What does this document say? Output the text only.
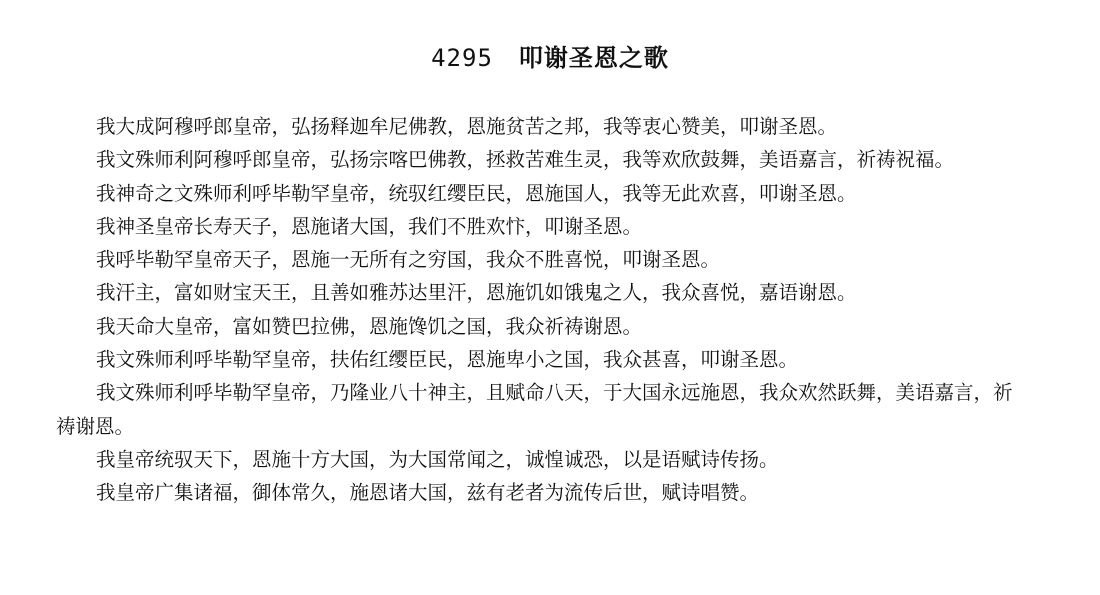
4295 叩谢圣恩之歌

我大成阿穆呼郎皇帝，弘扬释迦牟尼佛教，恩施贫苦之邦，我等衷心赞美，叩谢圣恩。

我文殊师利阿穆呼郎皇帝，弘扬宗喀巴佛教，拯救苦难生灵，我等欢欣鼓舞，美语嘉言，祈祷祝福。

我神奇之文殊师利呼毕勒罕皇帝，统驭红缨臣民，恩施国人，我等无此欢喜，叩谢圣恩。

我神圣皇帝长寿天子，恩施诸大国，我们不胜欢忭，叩谢圣恩。

我呼毕勒罕皇帝天子，恩施一无所有之穷国，我众不胜喜悦，叩谢圣恩。

我汗主，富如财宝天王，且善如雅苏达里汗，恩施饥如饿鬼之人，我众喜悦，嘉语谢恩。

我天命大皇帝，富如赞巴拉佛，恩施馋饥之国，我众祈祷谢恩。

我文殊师利呼毕勒罕皇帝，扶佑红缨臣民，恩施卑小之国，我众甚喜，叩谢圣恩。

我文殊师利呼毕勒罕皇帝，乃隆业八十神主，且赋命八天，于大国永远施恩，我众欢然跃舞，美语嘉言，祈祷谢恩。

我皇帝统驭天下，恩施十方大国，为大国常闻之，诚惶诚恐，以是语赋诗传扬。

我皇帝广集诸福，御体常久，施恩诸大国，兹有老者为流传后世，赋诗唱赞。
